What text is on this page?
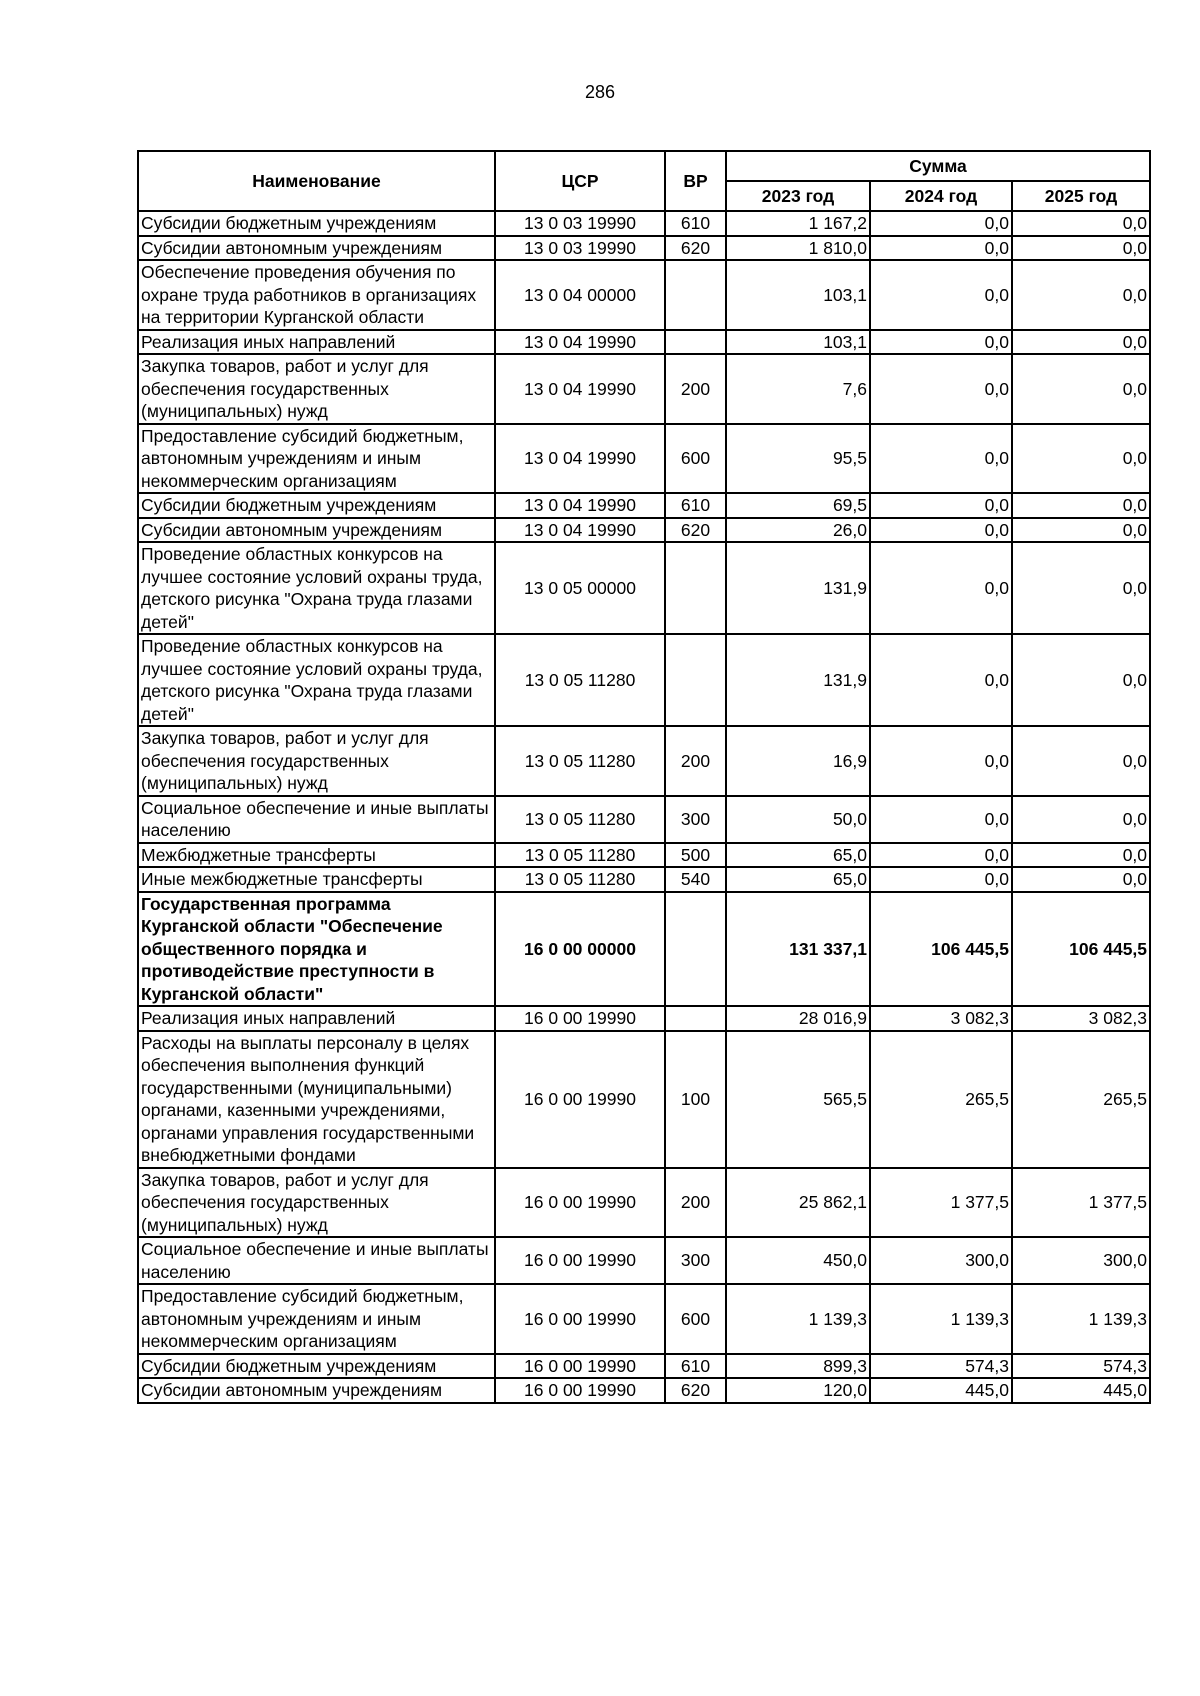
286
Наименование	ЦСР	ВР	Сумма		
			2023 год	2024 год	2025 год
Субсидии бюджетным учреждениям	13 0 03 19990	610	1 167,2	0,0	0,0
Субсидии автономным учреждениям	13 0 03 19990	620	1 810,0	0,0	0,0
Обеспечение проведения обучения по охране труда работников в организациях на территории Курганской области	13 0 04 00000		103,1	0,0	0,0
Реализация иных направлений	13 0 04 19990		103,1	0,0	0,0
Закупка товаров, работ и услуг для обеспечения государственных (муниципальных) нужд	13 0 04 19990	200	7,6	0,0	0,0
Предоставление субсидий бюджетным, автономным учреждениям и иным некоммерческим организациям	13 0 04 19990	600	95,5	0,0	0,0
Субсидии бюджетным учреждениям	13 0 04 19990	610	69,5	0,0	0,0
Субсидии автономным учреждениям	13 0 04 19990	620	26,0	0,0	0,0
Проведение областных конкурсов на лучшее состояние условий охраны труда, детского рисунка "Охрана труда глазами детей"	13 0 05 00000		131,9	0,0	0,0
Проведение областных конкурсов на лучшее состояние условий охраны труда, детского рисунка "Охрана труда глазами детей"	13 0 05 11280		131,9	0,0	0,0
Закупка товаров, работ и услуг для обеспечения государственных (муниципальных) нужд	13 0 05 11280	200	16,9	0,0	0,0
Социальное обеспечение и иные выплаты населению	13 0 05 11280	300	50,0	0,0	0,0
Межбюджетные трансферты	13 0 05 11280	500	65,0	0,0	0,0
Иные межбюджетные трансферты	13 0 05 11280	540	65,0	0,0	0,0
Государственная программа Курганской области "Обеспечение общественного порядка и противодействие преступности в Курганской области"	16 0 00 00000		131 337,1	106 445,5	106 445,5
Реализация иных направлений	16 0 00 19990		28 016,9	3 082,3	3 082,3
Расходы на выплаты персоналу в целях обеспечения выполнения функций государственными (муниципальными) органами, казенными учреждениями, органами управления государственными внебюджетными фондами	16 0 00 19990	100	565,5	265,5	265,5
Закупка товаров, работ и услуг для обеспечения государственных (муниципальных) нужд	16 0 00 19990	200	25 862,1	1 377,5	1 377,5
Социальное обеспечение и иные выплаты населению	16 0 00 19990	300	450,0	300,0	300,0
Предоставление субсидий бюджетным, автономным учреждениям и иным некоммерческим организациям	16 0 00 19990	600	1 139,3	1 139,3	1 139,3
Субсидии бюджетным учреждениям	16 0 00 19990	610	899,3	574,3	574,3
Субсидии автономным учреждениям	16 0 00 19990	620	120,0	445,0	445,0
